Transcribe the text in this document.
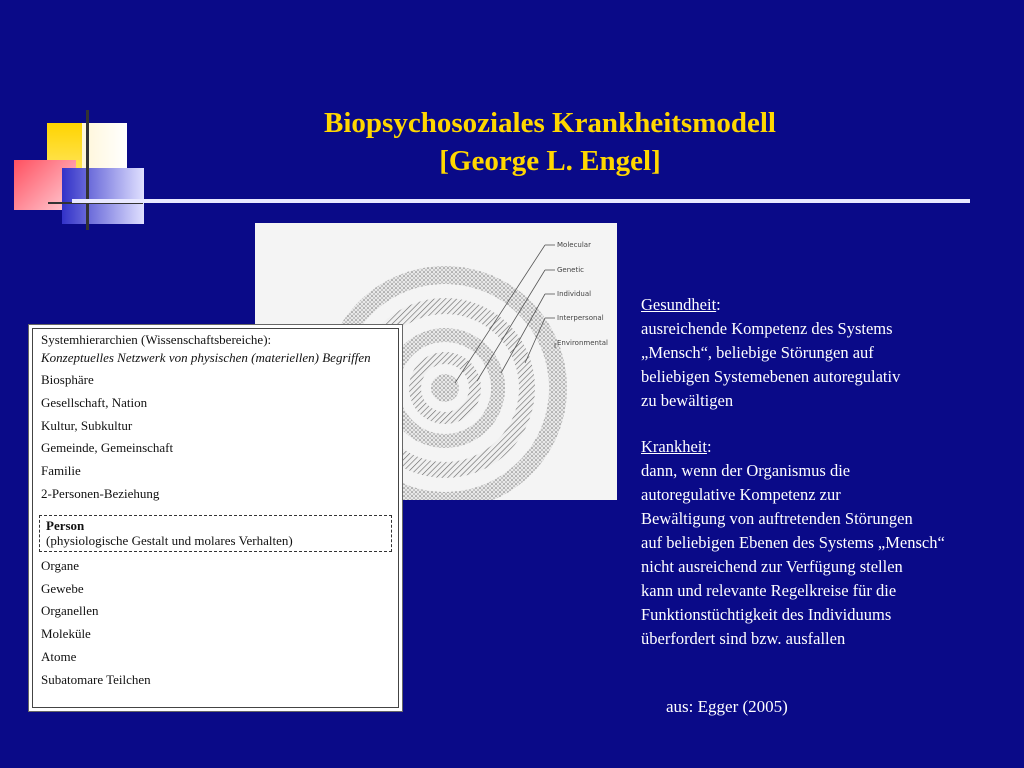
Biopsychosoziales Krankheitsmodell
[George L. Engel]
Molecular
Genetic
Individual
Interpersonal
Environmental
Systemhierarchien (Wissenschaftsbereiche):
Konzeptuelles Netzwerk von physischen (materiellen) Begriffen
Biosphäre
Gesellschaft, Nation
Kultur, Subkultur
Gemeinde, Gemeinschaft
Familie
2-Personen-Beziehung
Person
(physiologische Gestalt und molares Verhalten)
Organe
Gewebe
Organellen
Moleküle
Atome
Subatomare Teilchen
Gesundheit:
ausreichende Kompetenz des Systems
„Mensch“, beliebige Störungen auf
beliebigen Systemebenen autoregulativ
zu bewältigen
Krankheit:
dann, wenn der Organismus die
autoregulative Kompetenz zur
Bewältigung von auftretenden Störungen
auf beliebigen Ebenen des Systems „Mensch“
nicht ausreichend zur Verfügung stellen
kann und relevante Regelkreise für die
Funktionstüchtigkeit des Individuums
überfordert sind bzw. ausfallen
aus: Egger (2005)
